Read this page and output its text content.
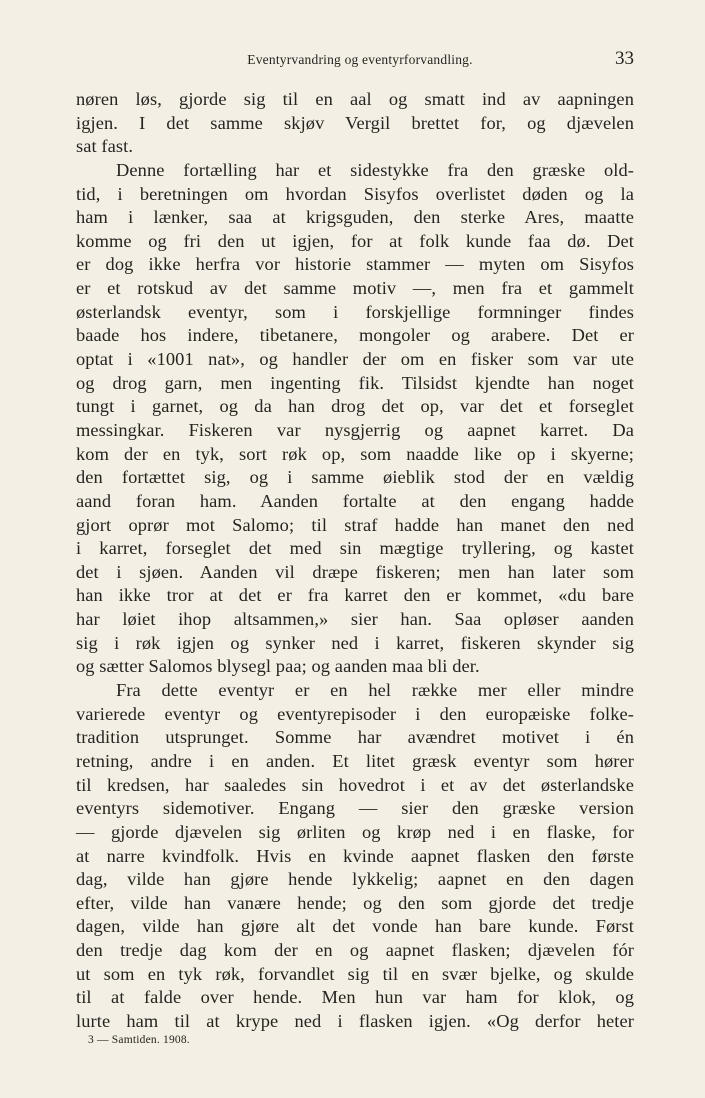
Eventyrvandring og eventyrforvandling.	33
nøren løs, gjorde sig til en aal og smatt ind av aapningen
igjen. I det samme skjøv Vergil brettet for, og djævelen
sat fast.
Denne fortælling har et sidestykke fra den græske old-
tid, i beretningen om hvordan Sisyfos overlistet døden og la
ham i lænker, saa at krigsguden, den sterke Ares, maatte
komme og fri den ut igjen, for at folk kunde faa dø. Det
er dog ikke herfra vor historie stammer — myten om Sisyfos
er et rotskud av det samme motiv —, men fra et gammelt
østerlandsk eventyr, som i forskjellige formninger findes
baade hos indere, tibetanere, mongoler og arabere. Det er
optat i «1001 nat», og handler der om en fisker som var ute
og drog garn, men ingenting fik. Tilsidst kjendte han noget
tungt i garnet, og da han drog det op, var det et forseglet
messingkar. Fiskeren var nysgjerrig og aapnet karret. Da
kom der en tyk, sort røk op, som naadde like op i skyerne;
den fortættet sig, og i samme øieblik stod der en vældig
aand foran ham. Aanden fortalte at den engang hadde
gjort oprør mot Salomo; til straf hadde han manet den ned
i karret, forseglet det med sin mægtige tryllering, og kastet
det i sjøen. Aanden vil dræpe fiskeren; men han later som
han ikke tror at det er fra karret den er kommet, «du bare
har løiet ihop altsammen,» sier han. Saa opløser aanden
sig i røk igjen og synker ned i karret, fiskeren skynder sig
og sætter Salomos blysegl paa; og aanden maa bli der.
Fra dette eventyr er en hel række mer eller mindre
varierede eventyr og eventyrepisoder i den europæiske folke-
tradition utsprunget. Somme har avændret motivet i én
retning, andre i en anden. Et litet græsk eventyr som hører
til kredsen, har saaledes sin hovedrot i et av det østerlandske
eventyrs sidemotiver. Engang — sier den græske version
— gjorde djævelen sig ørliten og krøp ned i en flaske, for
at narre kvindfolk. Hvis en kvinde aapnet flasken den første
dag, vilde han gjøre hende lykkelig; aapnet en den dagen
efter, vilde han vanære hende; og den som gjorde det tredje
dagen, vilde han gjøre alt det vonde han bare kunde. Først
den tredje dag kom der en og aapnet flasken; djævelen fór
ut som en tyk røk, forvandlet sig til en svær bjelke, og skulde
til at falde over hende. Men hun var ham for klok, og
lurte ham til at krype ned i flasken igjen. «Og derfor heter
3 — Samtiden. 1908.
